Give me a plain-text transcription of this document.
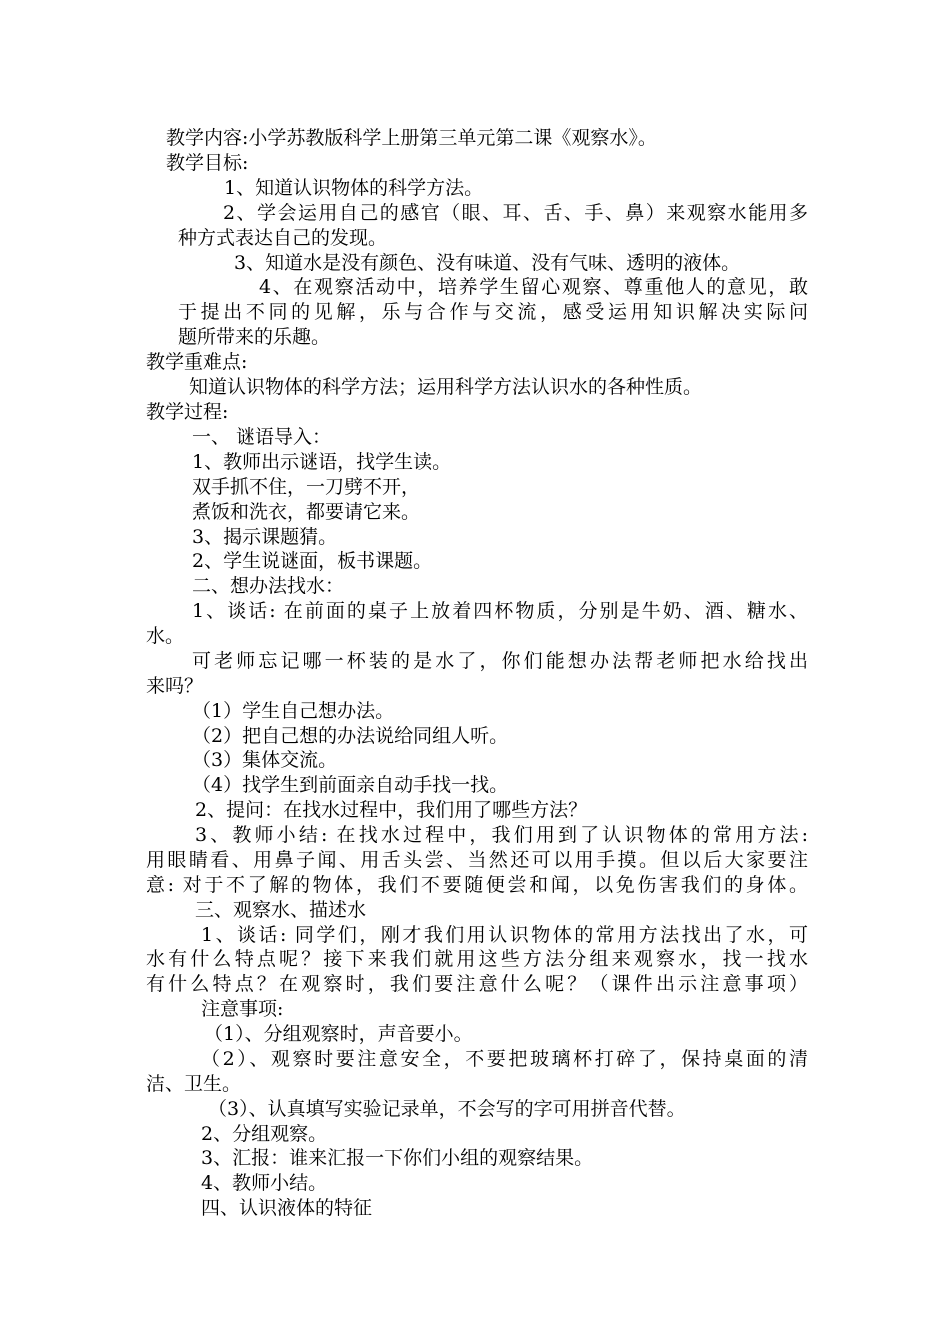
教学内容:小学苏教版科学上册第三单元第二课《观察水》。
教学目标:
1、知道认识物体的科学方法。
2、学会运用自己的感官（眼、耳、舌、手、鼻）来观察水能用多
种方式表达自己的发现。
3、知道水是没有颜色、没有味道、没有气味、透明的液体。
4、在观察活动中，培养学生留心观察、尊重他人的意见，敢
于提出不同的见解，乐与合作与交流，感受运用知识解决实际问
题所带来的乐趣。
教学重难点:
知道认识物体的科学方法；运用科学方法认识水的各种性质。
教学过程:
一、 谜语导入：
1、教师出示谜语，找学生读。
双手抓不住，一刀劈不开，
煮饭和洗衣，都要请它来。
3、揭示课题猜。
2、学生说谜面，板书课题。
二、想办法找水：
1、谈话: 在前面的桌子上放着四杯物质，分别是牛奶、酒、糖水、
水。
可老师忘记哪一杯装的是水了，你们能想办法帮老师把水给找出
来吗？
（1）学生自己想办法。
（2）把自己想的办法说给同组人听。
（3）集体交流。
（4）找学生到前面亲自动手找一找。
2、提问：在找水过程中，我们用了哪些方法？
3、教师小结: 在找水过程中，我们用到了认识物体的常用方法:
用眼睛看、用鼻子闻、用舌头尝、当然还可以用手摸。但以后大家要注
意: 对于不了解的物体，我们不要随便尝和闻，以免伤害我们的身体。
三、观察水、描述水
1、谈话: 同学们，刚才我们用认识物体的常用方法找出了水，可
水有什么特点呢？接下来我们就用这些方法分组来观察水，找一找水
有什么特点？在观察时，我们要注意什么呢？（课件出示注意事项）
注意事项:
（1）、分组观察时，声音要小。
（2）、观察时要注意安全，不要把玻璃杯打碎了，保持桌面的清
洁、卫生。
（3）、认真填写实验记录单，不会写的字可用拼音代替。
2、分组观察。
3、汇报：谁来汇报一下你们小组的观察结果。
4、教师小结。
四、认识液体的特征
